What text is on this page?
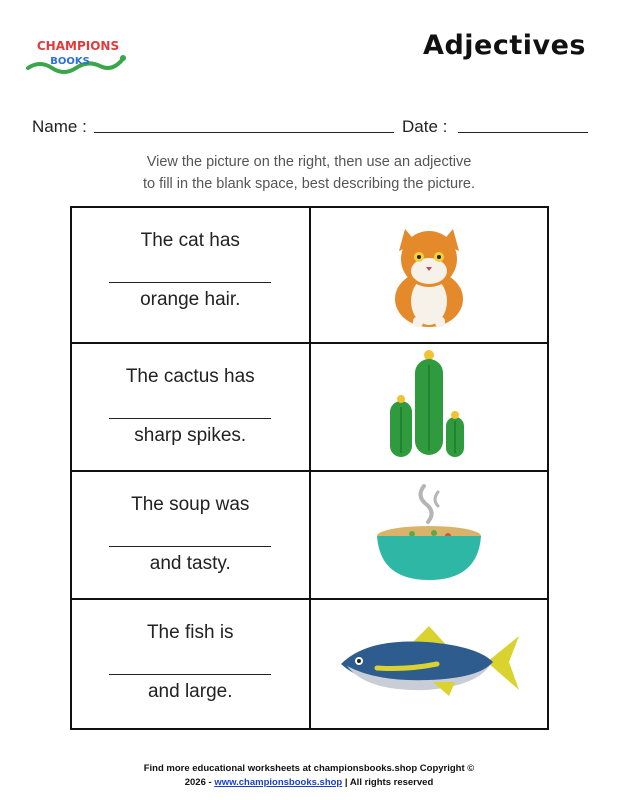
CHAMPIONS
BOOKS
Adjectives
Name :	Date :
View the picture on the right, then use an adjective
to fill in the blank space, best describing the picture.
The cat has
orange hair.

The cactus has
sharp spikes.

The soup was
and tasty.

The fish is
and large.

Find more educational worksheets at championsbooks.shop Copyright ©
2026 - www.championsbooks.shop | All rights reserved
